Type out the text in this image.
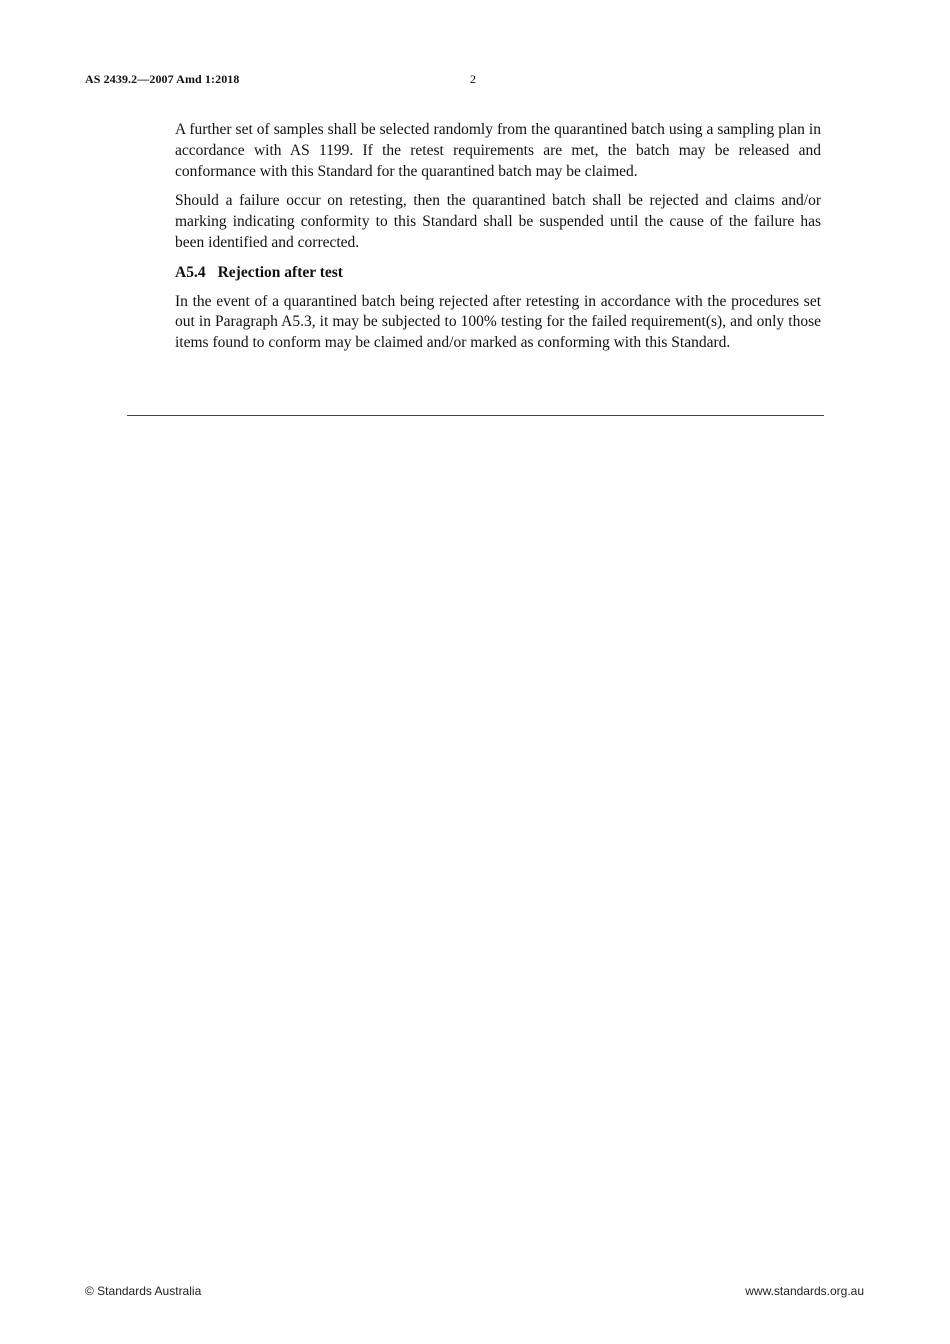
AS 2439.2—2007 Amd 1:2018	2

A further set of samples shall be selected randomly from the quarantined batch using a sampling plan in accordance with AS 1199. If the retest requirements are met, the batch may be released and conformance with this Standard for the quarantined batch may be claimed.

Should a failure occur on retesting, then the quarantined batch shall be rejected and claims and/or marking indicating conformity to this Standard shall be suspended until the cause of the failure has been identified and corrected.

A5.4 Rejection after test

In the event of a quarantined batch being rejected after retesting in accordance with the procedures set out in Paragraph A5.3, it may be subjected to 100% testing for the failed requirement(s), and only those items found to conform may be claimed and/or marked as conforming with this Standard.

© Standards Australia	www.standards.org.au
